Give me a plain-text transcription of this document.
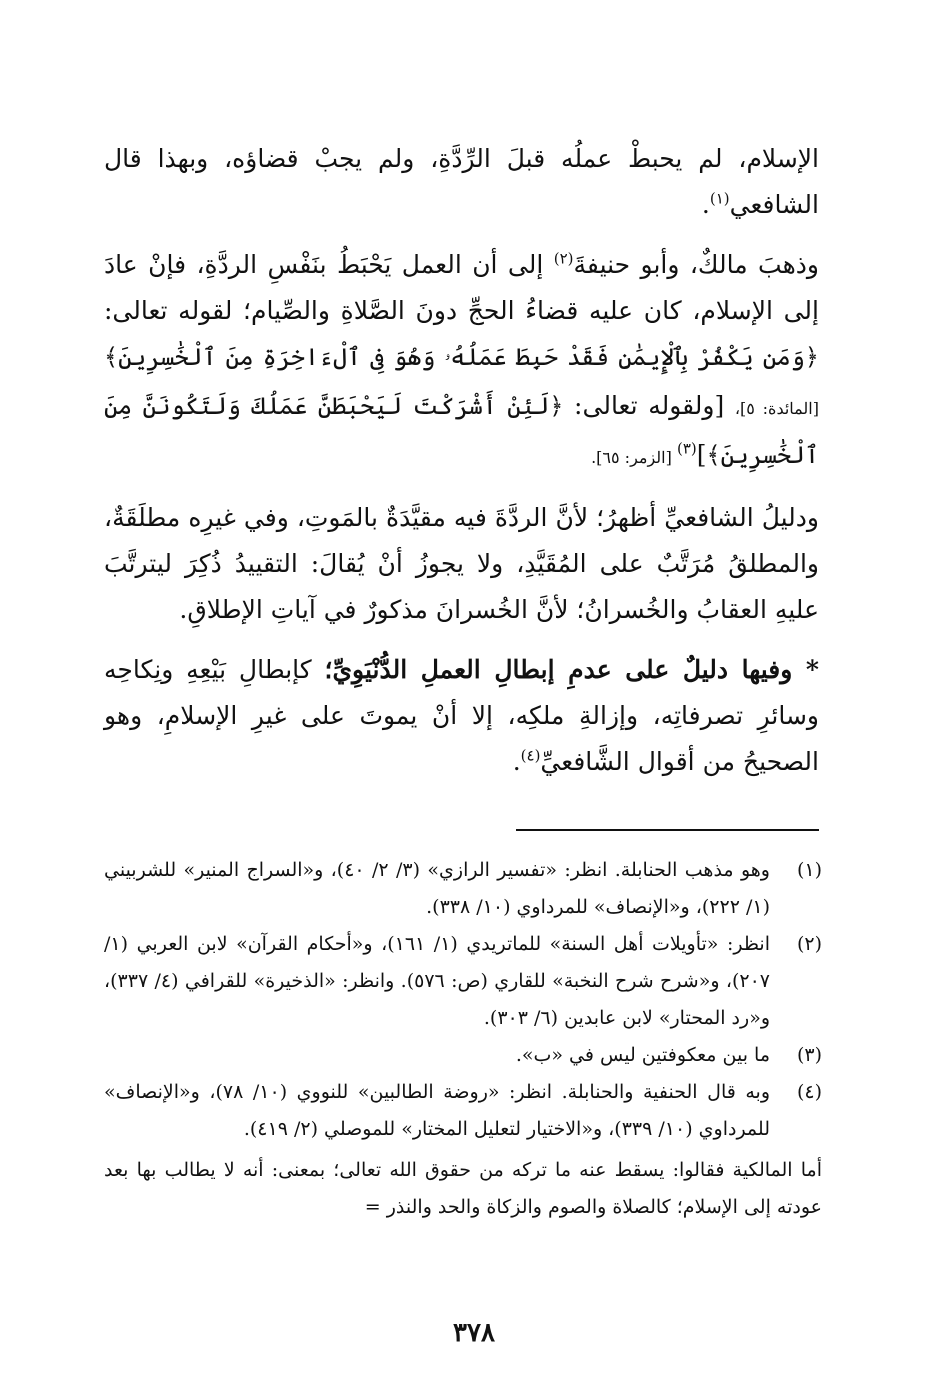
الإسلام، لم يحبطْ عملُه قبلَ الرِّدَّةِ، ولم يجبْ قضاؤه، وبهذا قال الشافعي$^{(١)}$.

وذهبَ مالكٌ، وأبو حنيفةَ$^{(٢)}$ إلى أن العمل يَحْبَطُ بنَفْسِ الردَّةِ، فإنْ عادَ إلى الإسلام، كان عليه قضاءُ الحجِّ دونَ الصَّلاةِ والصِّيام؛ لقوله تعالى: ﴿وَمَن يَكْفُرْ بِٱلْإِيمَٰنِ فَقَدْ حَبِطَ عَمَلُهُۥ وَهُوَ فِى ٱلْءَاخِرَةِ مِنَ ٱلْخَٰسِرِينَ﴾ [المائدة: ٥]، [ولقوله تعالى: ﴿لَئِنْ أَشْرَكْتَ لَيَحْبَطَنَّ عَمَلُكَ وَلَتَكُونَنَّ مِنَ ٱلْخَٰسِرِينَ﴾]$^{(٣)}$ [الزمر: ٦٥].

ودليلُ الشافعيِّ أظهرُ؛ لأنَّ الردَّةَ فيه مقيَّدَةٌ بالمَوتِ، وفي غيرِه مطلَقَةٌ، والمطلقُ مُرَتَّبٌ على المُقَيَّدِ، ولا يجوزُ أنْ يُقالَ: التقييدُ ذُكِرَ ليترتَّبَ عليهِ العقابُ والخُسرانُ؛ لأنَّ الخُسرانَ مذكورٌ في آياتِ الإطلاقِ.

* وفيها دليلٌ على عدمِ إبطالِ العملِ الدُّنْيَوِيِّ؛ كإبطالِ بَيْعِهِ ونِكاحِه وسائرِ تصرفاتِه، وإزالةِ ملكِه، إلا أنْ يموتَ على غيرِ الإسلامِ، وهو الصحيحُ من أقوال الشَّافعيِّ$^{(٤)}$.

(١)
وهو مذهب الحنابلة. انظر: «تفسير الرازي» (٣/ ٢/ ٤٠)، و«السراج المنير» للشربيني (١/ ٢٢٢)، و«الإنصاف» للمرداوي (١٠/ ٣٣٨).
(٢)
انظر: «تأويلات أهل السنة» للماتريدي (١/ ١٦١)، و«أحكام القرآن» لابن العربي (١/ ٢٠٧)، و«شرح شرح النخبة» للقاري (ص: ٥٧٦). وانظر: «الذخيرة» للقرافي (٤/ ٣٣٧)، و«رد المحتار» لابن عابدين (٦/ ٣٠٣).
(٣)
ما بين معكوفتين ليس في «ب».
(٤)
وبه قال الحنفية والحنابلة. انظر: «روضة الطالبين» للنووي (١٠/ ٧٨)، و«الإنصاف» للمرداوي (١٠/ ٣٣٩)، و«الاختيار لتعليل المختار» للموصلي (٢/ ٤١٩).

أما المالكية فقالوا: يسقط عنه ما تركه من حقوق الله تعالى؛ بمعنى: أنه لا يطالب بها بعد عودته إلى الإسلام؛ كالصلاة والصوم والزكاة والحد والنذر =

٣٧٨
